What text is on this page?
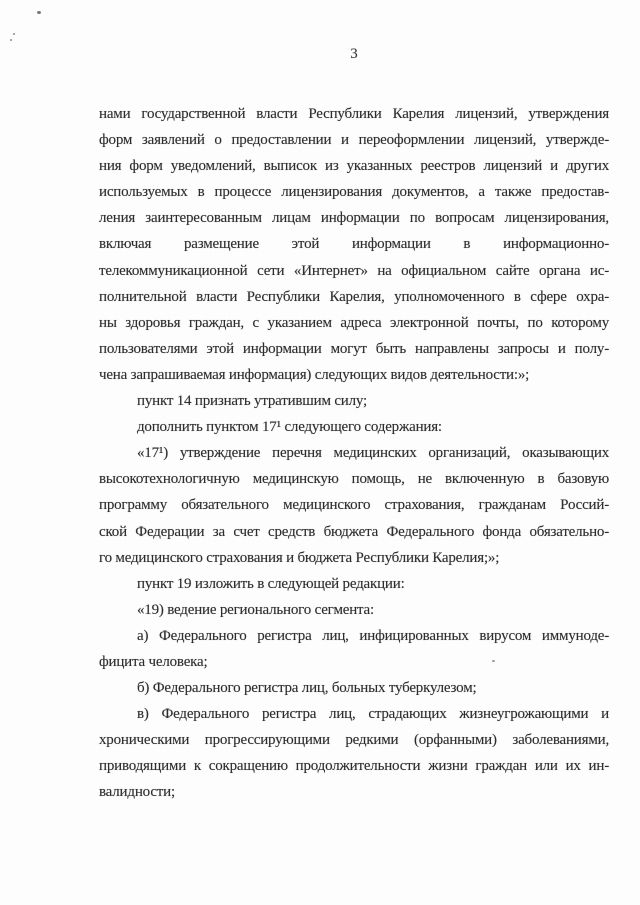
3
нами государственной власти Республики Карелия лицензий, утверждения
форм заявлений о предоставлении и переоформлении лицензий, утвержде-
ния форм уведомлений, выписок из указанных реестров лицензий и других
используемых в процессе лицензирования документов, а также предостав-
ления заинтересованным лицам информации по вопросам лицензирования,
включая размещение этой информации в информационно-
телекоммуникационной сети «Интернет» на официальном сайте органа ис-
полнительной власти Республики Карелия, уполномоченного в сфере охра-
ны здоровья граждан, с указанием адреса электронной почты, по которому
пользователями этой информации могут быть направлены запросы и полу-
чена запрашиваемая информация) следующих видов деятельности:»;
пункт 14 признать утратившим силу;
дополнить пунктом 17¹ следующего содержания:
«17¹) утверждение перечня медицинских организаций, оказывающих
высокотехнологичную медицинскую помощь, не включенную в базовую
программу обязательного медицинского страхования, гражданам Россий-
ской Федерации за счет средств бюджета Федерального фонда обязательно-
го медицинского страхования и бюджета Республики Карелия;»;
пункт 19 изложить в следующей редакции:
«19) ведение регионального сегмента:
а) Федерального регистра лиц, инфицированных вирусом иммуноде-
фицита человека;
б) Федерального регистра лиц, больных туберкулезом;
в) Федерального регистра лиц, страдающих жизнеугрожающими и
хроническими прогрессирующими редкими (орфанными) заболеваниями,
приводящими к сокращению продолжительности жизни граждан или их ин-
валидности;
